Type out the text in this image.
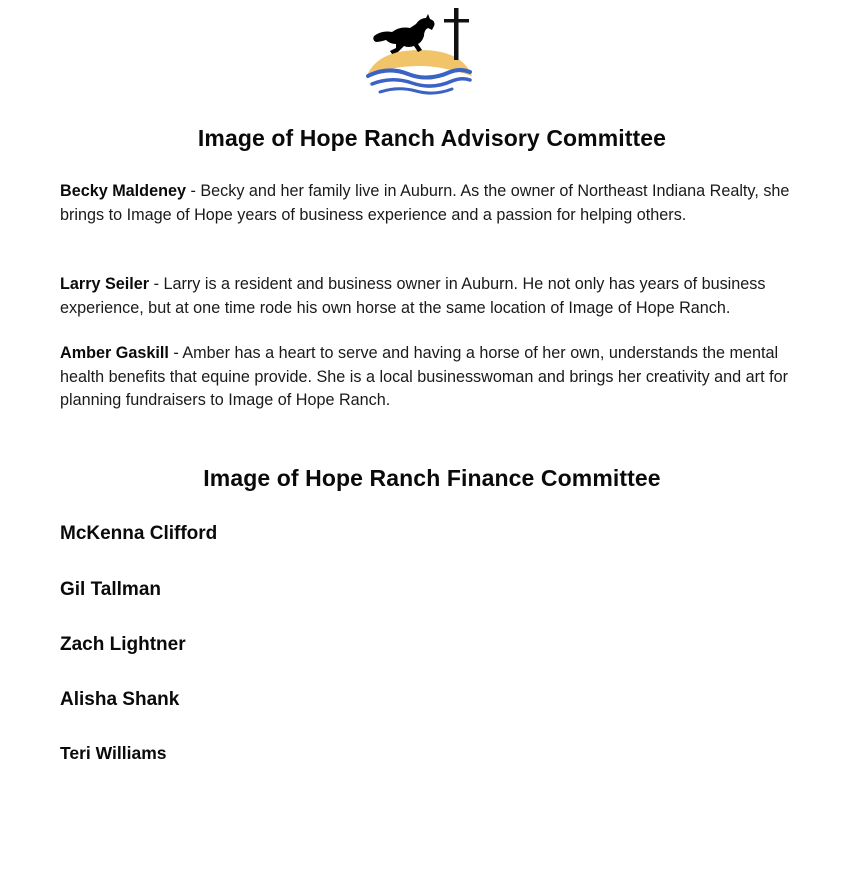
Image of Hope Ranch Advisory Committee

Becky Maldeney - Becky and her family live in Auburn. As the owner of Northeast Indiana Realty, she brings to Image of Hope years of business experience and a passion for helping others.

Larry Seiler - Larry is a resident and business owner in Auburn. He not only has years of business experience, but at one time rode his own horse at the same location of Image of Hope Ranch.

Amber Gaskill - Amber has a heart to serve and having a horse of her own, understands the mental health benefits that equine provide. She is a local businesswoman and brings her creativity and art for planning fundraisers to Image of Hope Ranch.

Image of Hope Ranch Finance Committee
McKenna Clifford
Gil Tallman
Zach Lightner
Alisha Shank
Teri Williams
